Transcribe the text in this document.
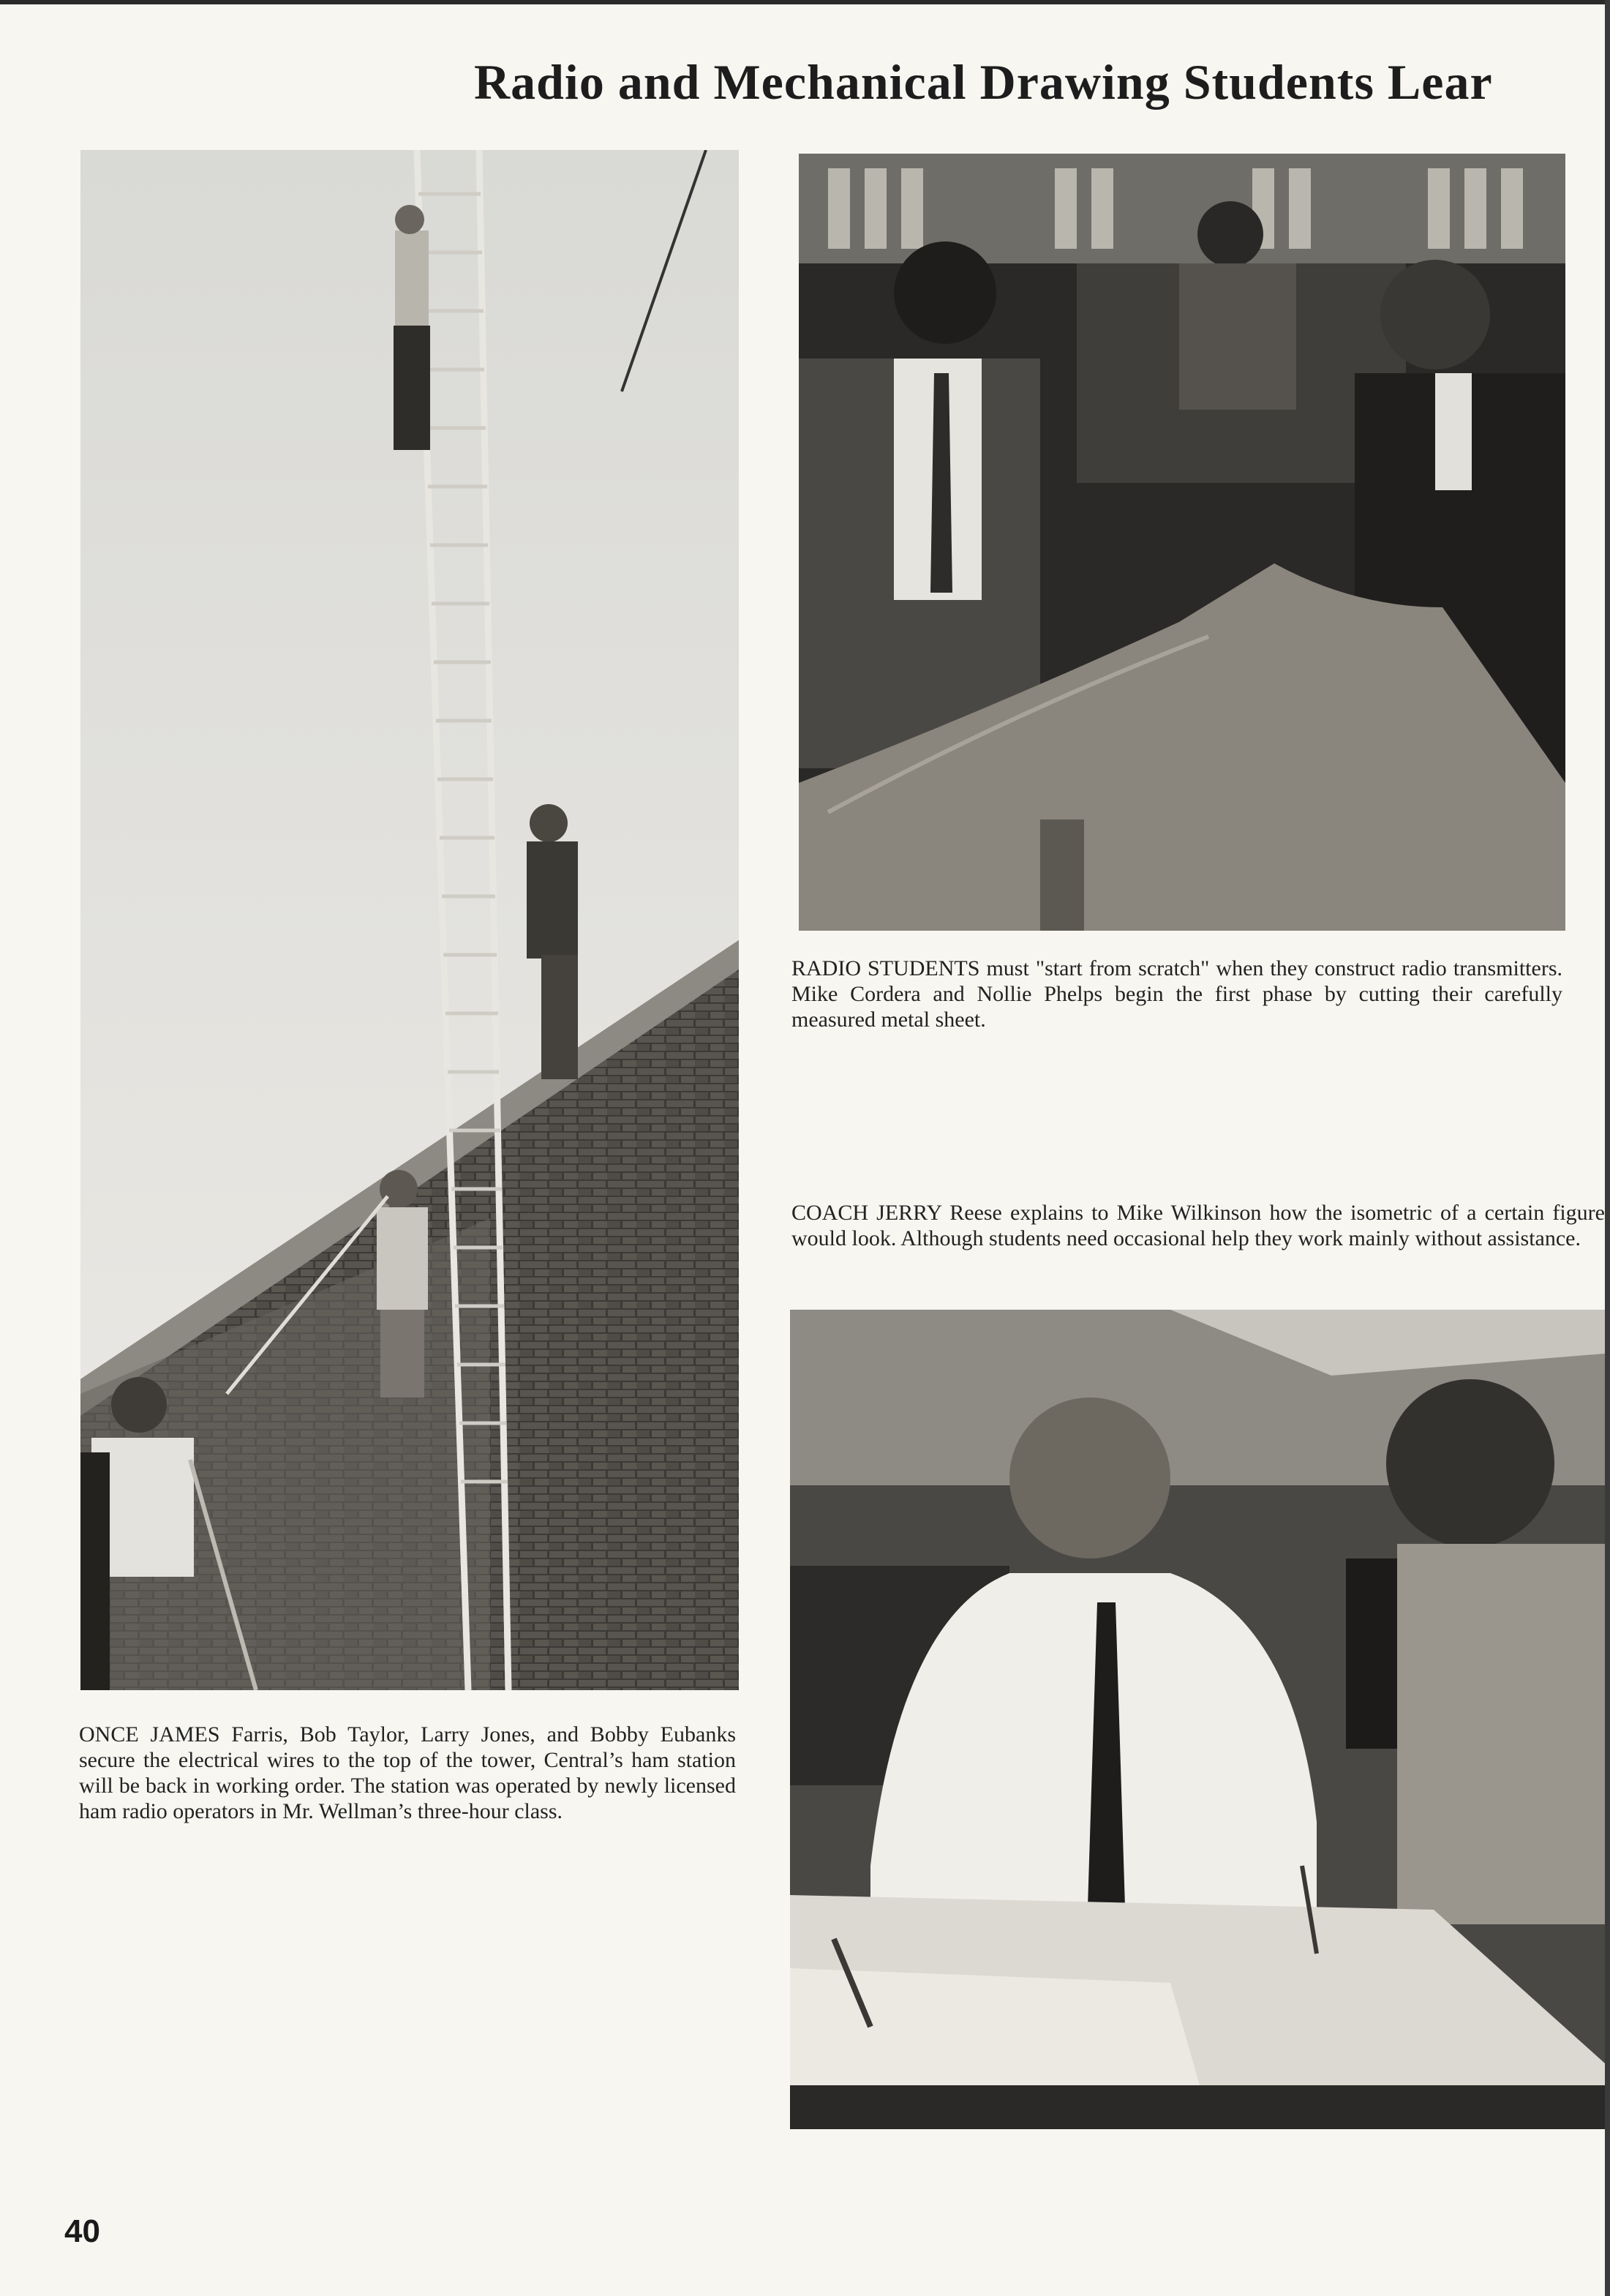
Radio and Mechanical Drawing Students Lear
ONCE JAMES Farris, Bob Taylor, Larry Jones, and Bobby Eubanks secure the electrical wires to the top of the tower, Central’s ham station will be back in working order. The station was operated by newly licensed ham radio operators in Mr. Wellman’s three-hour class.
RADIO STUDENTS must "start from scratch" when they construct radio transmitters. Mike Cordera and Nollie Phelps begin the first phase by cutting their carefully measured metal sheet.
COACH JERRY Reese explains to Mike Wilkinson how the isometric of a certain figure would look. Although students need occasional help they work mainly without assistance.
40
